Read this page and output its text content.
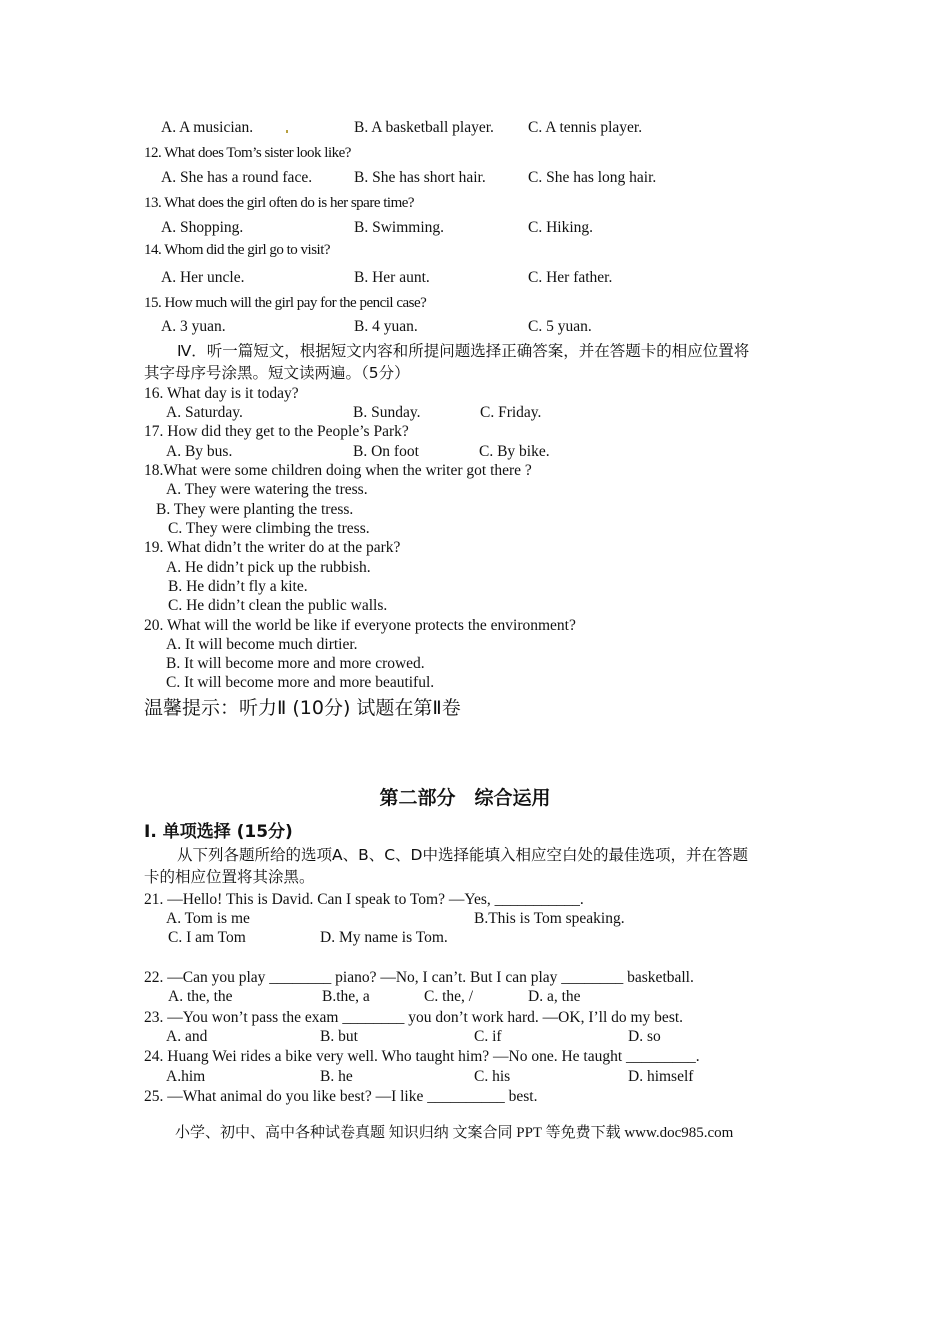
A. A musician.	B. A basketball player. C. A tennis player.
12. What does Tom’s sister look like?
A. She has a round face.	B. She has short hair.	C. She has long hair.
13. What does the girl often do is her spare time?
A. Shopping.	B. Swimming.	C. Hiking.
14. Whom did the girl go to visit?
A. Her uncle.	B. Her aunt.	C. Her father.
15. How much will the girl pay for the pencil case?
A. 3 yuan.	B. 4 yuan.	C. 5 yuan.
Ⅳ．听一篇短文，根据短文内容和所提问题选择正确答案，并在答题卡的相应位置将
其字母序号涂黑。短文读两遍。（5分）
16. What day is it today?
A. Saturday.	B. Sunday.	C. Friday.
17. How did they get to the People’s Park?
A. By bus.	B. On foot	C. By bike.
18.What were some children doing when the writer got there ?
A. They were watering the tress.
B. They were planting the tress.
C. They were climbing the tress.
19. What didn’t the writer do at the park?
A. He didn’t pick up the rubbish.
B. He didn’t fly a kite.
C. He didn’t clean the public walls.
20. What will the world be like if everyone protects the environment?
A. It will become much dirtier.
B. It will become more and more crowed.
C. It will become more and more beautiful.
温馨提示：听力Ⅱ (10分) 试题在第Ⅱ卷
第二部分　综合运用
I. 单项选择 (15分)
从下列各题所给的选项A、B、C、D中选择能填入相应空白处的最佳选项，并在答题
卡的相应位置将其涂黑。
21. —Hello! This is David. Can I speak to Tom? —Yes, ___________.
A. Tom is me	B.This is Tom speaking.
C. I am Tom	D. My name is Tom.
22. —Can you play ________ piano? —No, I can’t. But I can play ________ basketball.
A. the, the	B.the, a	C. the, /	D. a, the
23. —You won’t pass the exam ________ you don’t work hard. —OK, I’ll do my best.
A. and	B. but	C. if	D. so
24. Huang Wei rides a bike very well. Who taught him? —No one. He taught _________.
A.him	B. he	C. his	D. himself
25. —What animal do you like best? —I like __________ best.
小学、初中、高中各种试卷真题 知识归纳 文案合同 PPT 等免费下载 www.doc985.com
